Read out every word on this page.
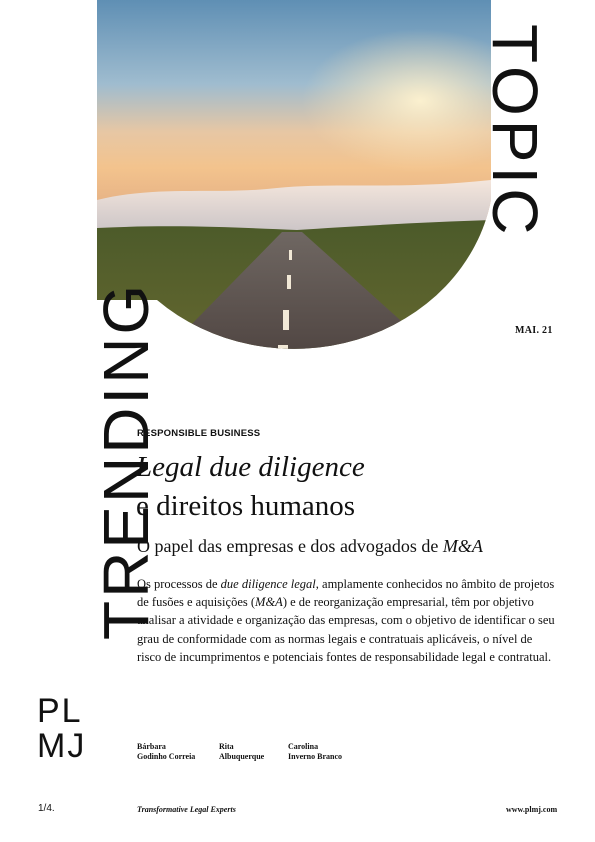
TRENDING
TOPIC
MAI. 21
RESPONSIBLE BUSINESS
Legal due diligence
e direitos humanos
O papel das empresas e dos advogados de M&A
Os processos de due diligence legal, amplamente conhecidos no âmbito de projetos de fusões e aquisições (M&A) e de reorganização empresarial, têm por objetivo analisar a atividade e organização das empresas, com o objetivo de identificar o seu grau de conformidade com as normas legais e contratuais aplicáveis, o nível de risco de incumprimentos e potenciais fontes de responsabilidade legal e contratual.
PL
MJ	Bárbara
Godinho Correia
Rita
Albuquerque
Carolina
Inverno Branco
1/4.	Transformative Legal Experts	www.plmj.com
